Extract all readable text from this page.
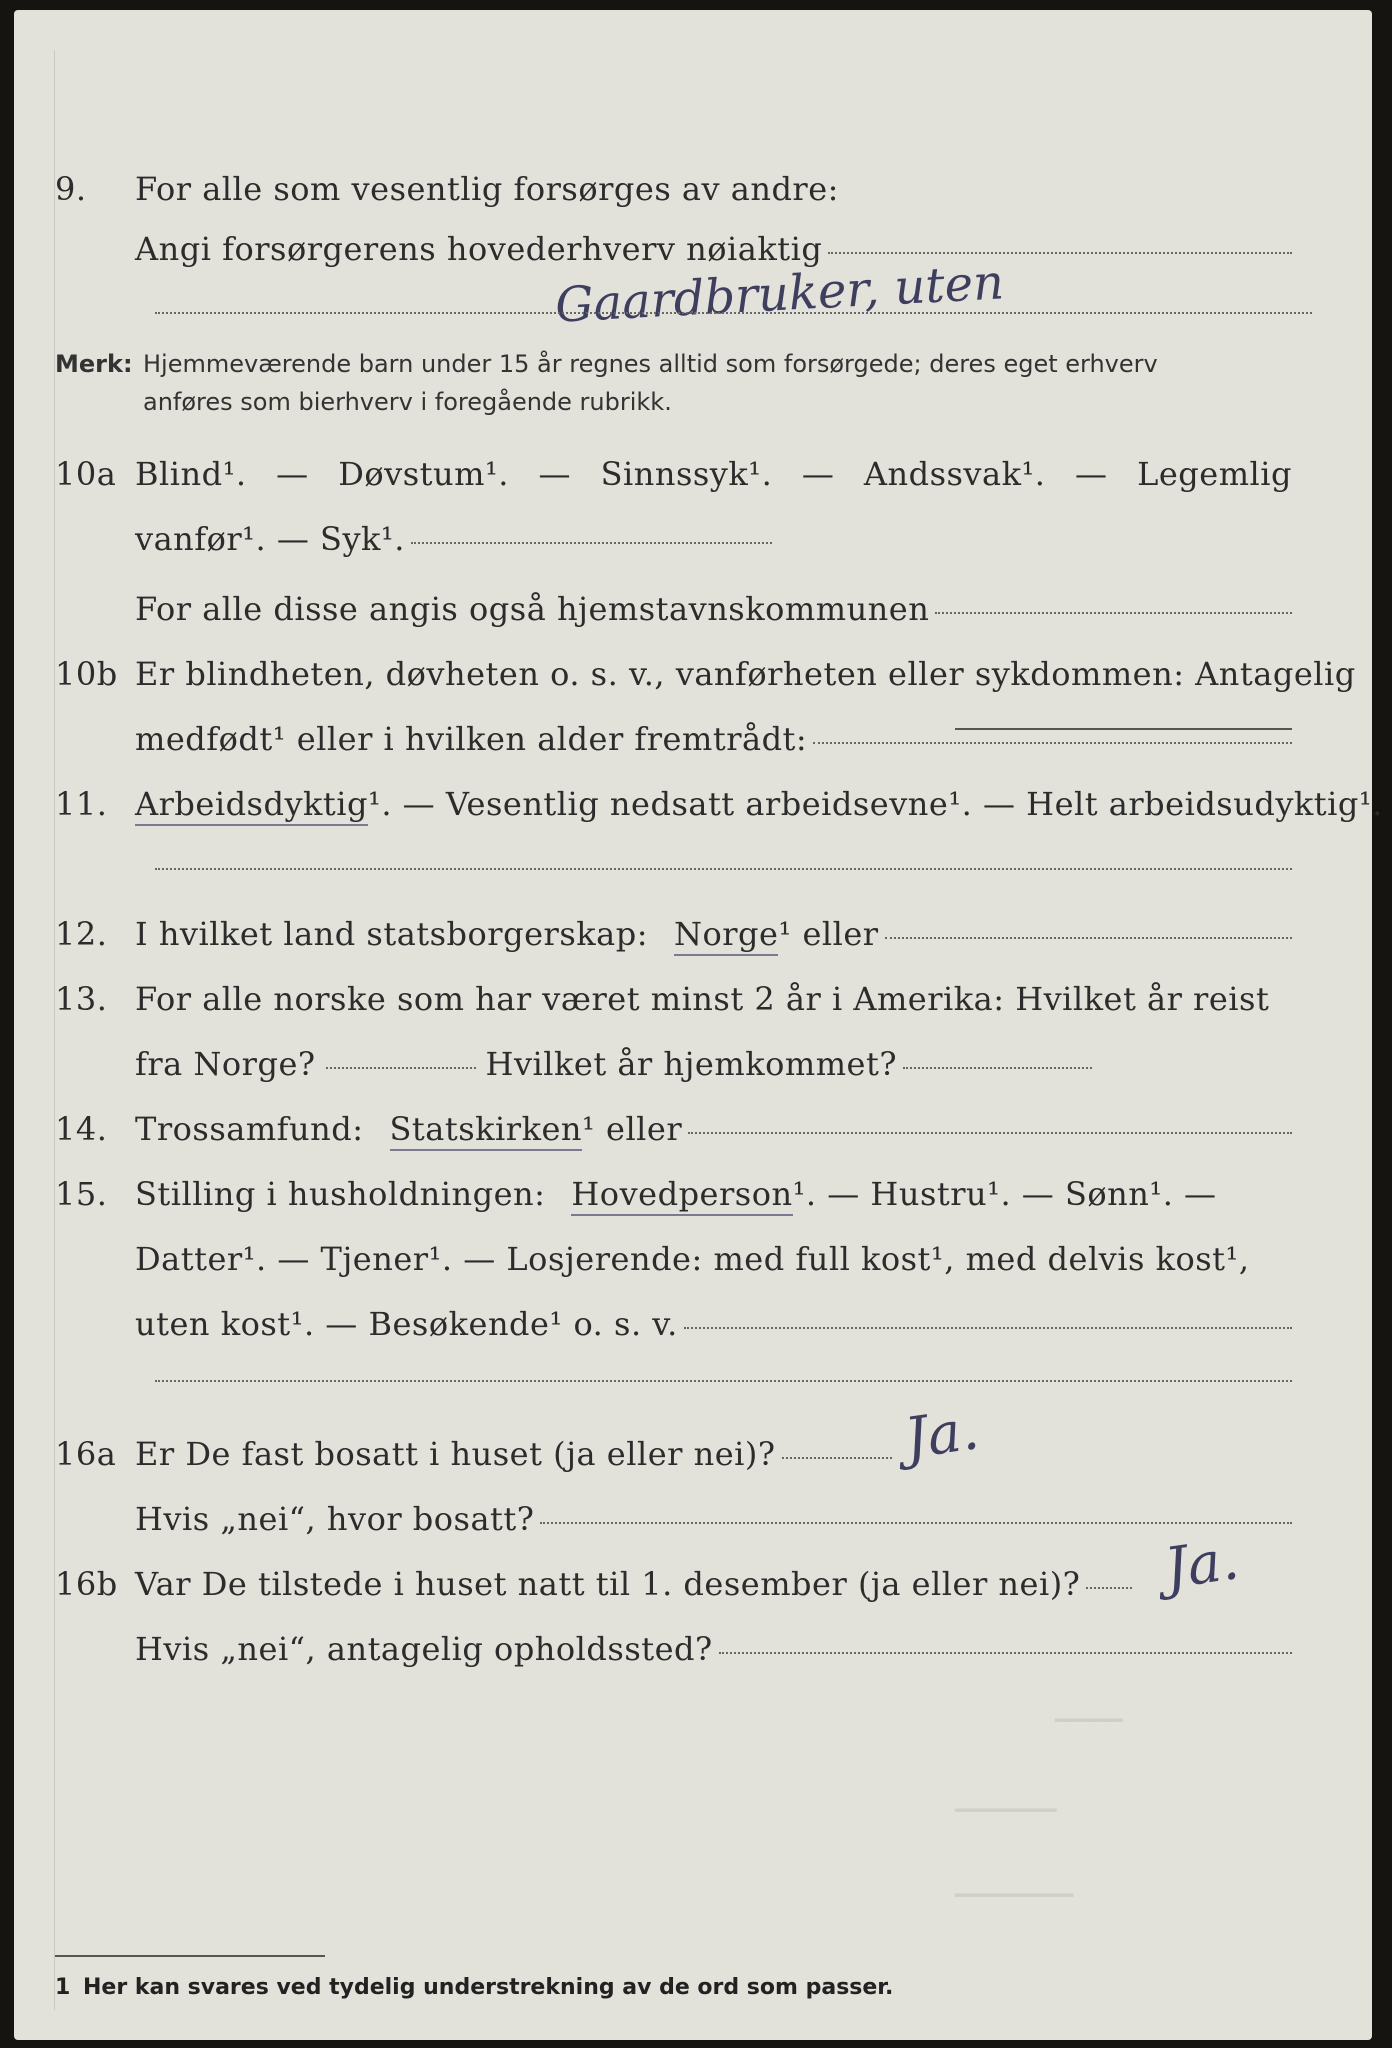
9.	For alle som vesentlig forsørges av andre:
Angi forsørgerens hovederhverv nøiaktig
Gaardbruker, uten
Merk: Hjemmeværende barn under 15 år regnes alltid som forsørgede; deres eget erhverv
anføres som bierhverv i foregående rubrikk.
10a Blind¹. — Døvstum¹. — Sinnssyk¹. — Andssvak¹. — Legemlig
vanfør¹. — Syk¹.
For alle disse angis også hjemstavnskommunen
10b Er blindheten, døvheten o. s. v., vanførheten eller sykdommen: Antagelig
medfødt¹ eller i hvilken alder fremtrådt:
11. Arbeidsdyktig ¹ . — Vesentlig nedsatt arbeidsevne¹. — Helt arbeidsudyktig¹.
12. I hvilket land statsborgerskap: Norge ¹
eller
13. For alle norske som har været minst 2 år i Amerika: Hvilket år reist
fra Norge?	Hvilket år hjemkommet?
14. Trossamfund: Statskirken ¹
eller
15. Stilling i husholdningen: Hovedperson ¹. — Hustru¹. — Sønn¹. —
Datter¹. — Tjener¹. — Losjerende: med full kost¹, med delvis kost¹,
uten kost¹. — Besøkende¹ o. s. v.
16a Er De fast bosatt i huset (ja eller nei)? Ja.
Hvis „nei“, hvor bosatt?
16b Var De tilstede i huset natt til 1. desember (ja eller nei)? Ja.
Hvis „nei“, antagelig opholdssted?
▔▔▔▔
▔▔▔▔▔▔
▔▔▔▔▔▔▔
1 Her kan svares ved tydelig understrekning av de ord som passer.
